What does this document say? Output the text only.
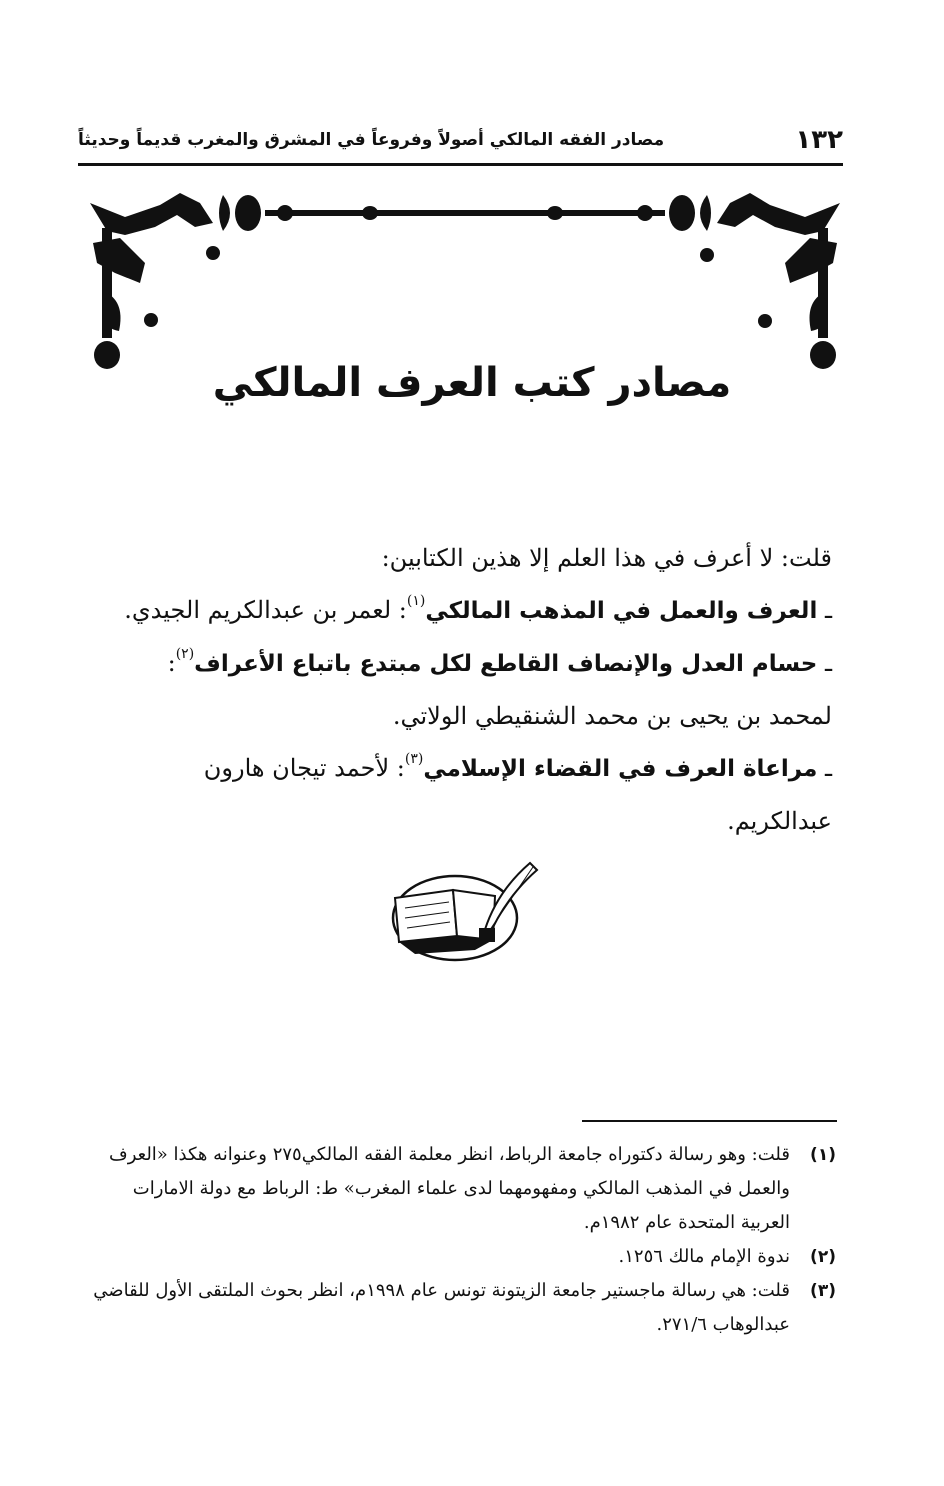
١٣٢
مصادر الفقه المالكي أصولاً وفروعاً في المشرق والمغرب قديماً وحديثاً
مصادر كتب العرف المالكي

قلت: لا أعرف في هذا العلم إلا هذين الكتابين:

ـ العرف والعمل في المذهب المالكي$^{(١)}$: لعمر بن عبدالكريم الجيدي.

ـ حسام العدل والإنصاف القاطع لكل مبتدع باتباع الأعراف$^{(٢)}$: لمحمد بن يحيى بن محمد الشنقيطي الولاتي.

ـ مراعاة العرف في القضاء الإسلامي$^{(٣)}$: لأحمد تيجان هارون عبدالكريم.

(١)
قلت: وهو رسالة دكتوراه جامعة الرباط، انظر معلمة الفقه المالكي٢٧٥ وعنوانه هكذا «العرف والعمل في المذهب المالكي ومفهومهما لدى علماء المغرب» ط: الرباط مع دولة الامارات العربية المتحدة عام ١٩٨٢م.
(٢)
ندوة الإمام مالك ١٢٥٦.
(٣)
قلت: هي رسالة ماجستير جامعة الزيتونة تونس عام ١٩٩٨م، انظر بحوث الملتقى الأول للقاضي عبدالوهاب ٢٧١/٦.
